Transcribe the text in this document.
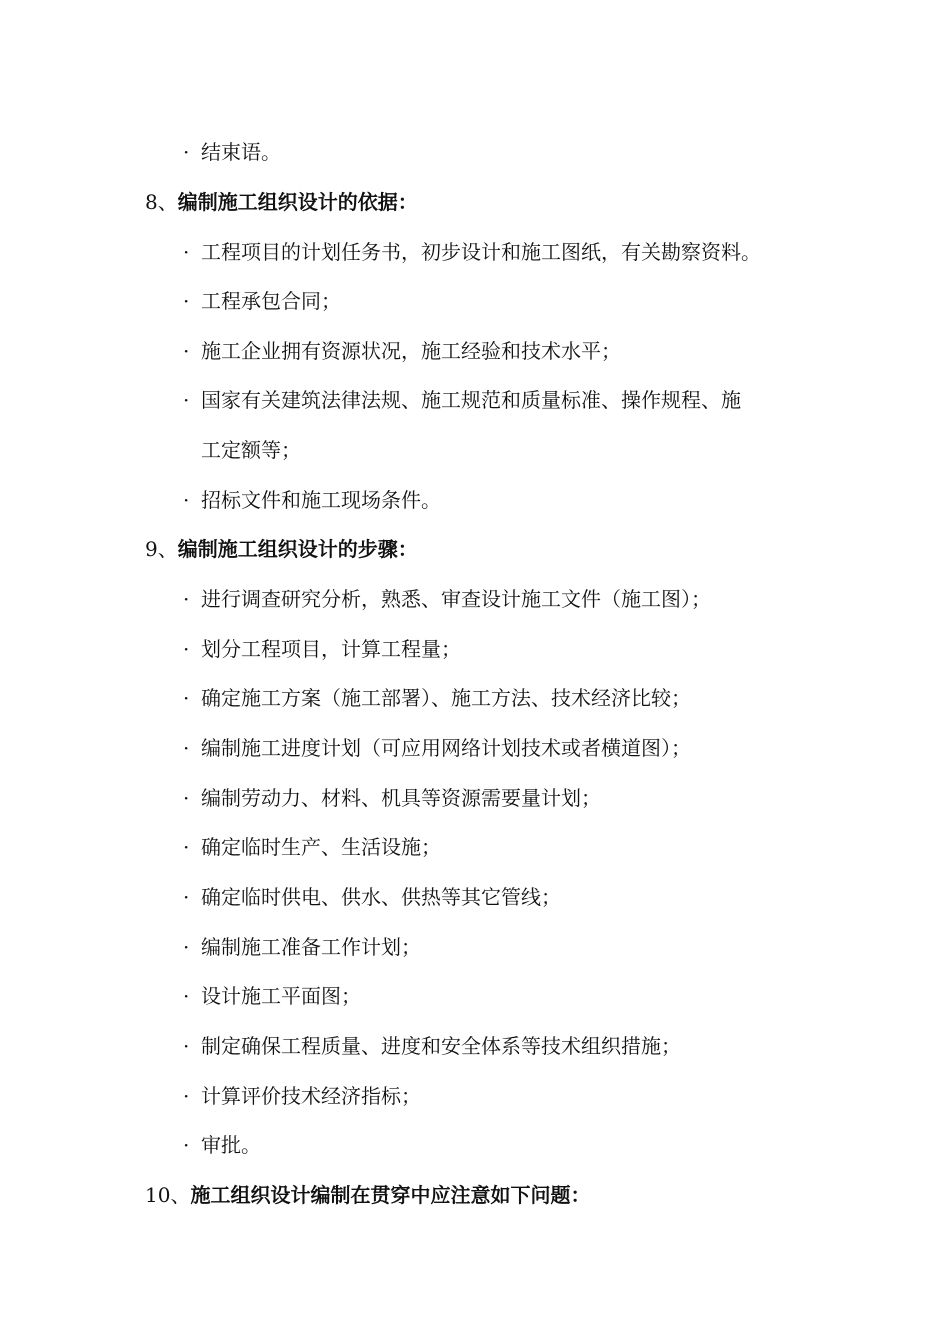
· 结束语。
8、编制施工组织设计的依据：
· 工程项目的计划任务书，初步设计和施工图纸，有关勘察资料。
· 工程承包合同；
· 施工企业拥有资源状况，施工经验和技术水平；
· 国家有关建筑法律法规、施工规范和质量标准、操作规程、施
工定额等；
· 招标文件和施工现场条件。
9、编制施工组织设计的步骤：
· 进行调查研究分析，熟悉、审查设计施工文件（施工图）；
· 划分工程项目，计算工程量；
· 确定施工方案（施工部署）、施工方法、技术经济比较；
· 编制施工进度计划（可应用网络计划技术或者横道图）；
· 编制劳动力、材料、机具等资源需要量计划；
· 确定临时生产、生活设施；
· 确定临时供电、供水、供热等其它管线；
· 编制施工准备工作计划；
· 设计施工平面图；
· 制定确保工程质量、进度和安全体系等技术组织措施；
· 计算评价技术经济指标；
· 审批。
10、施工组织设计编制在贯穿中应注意如下问题：
